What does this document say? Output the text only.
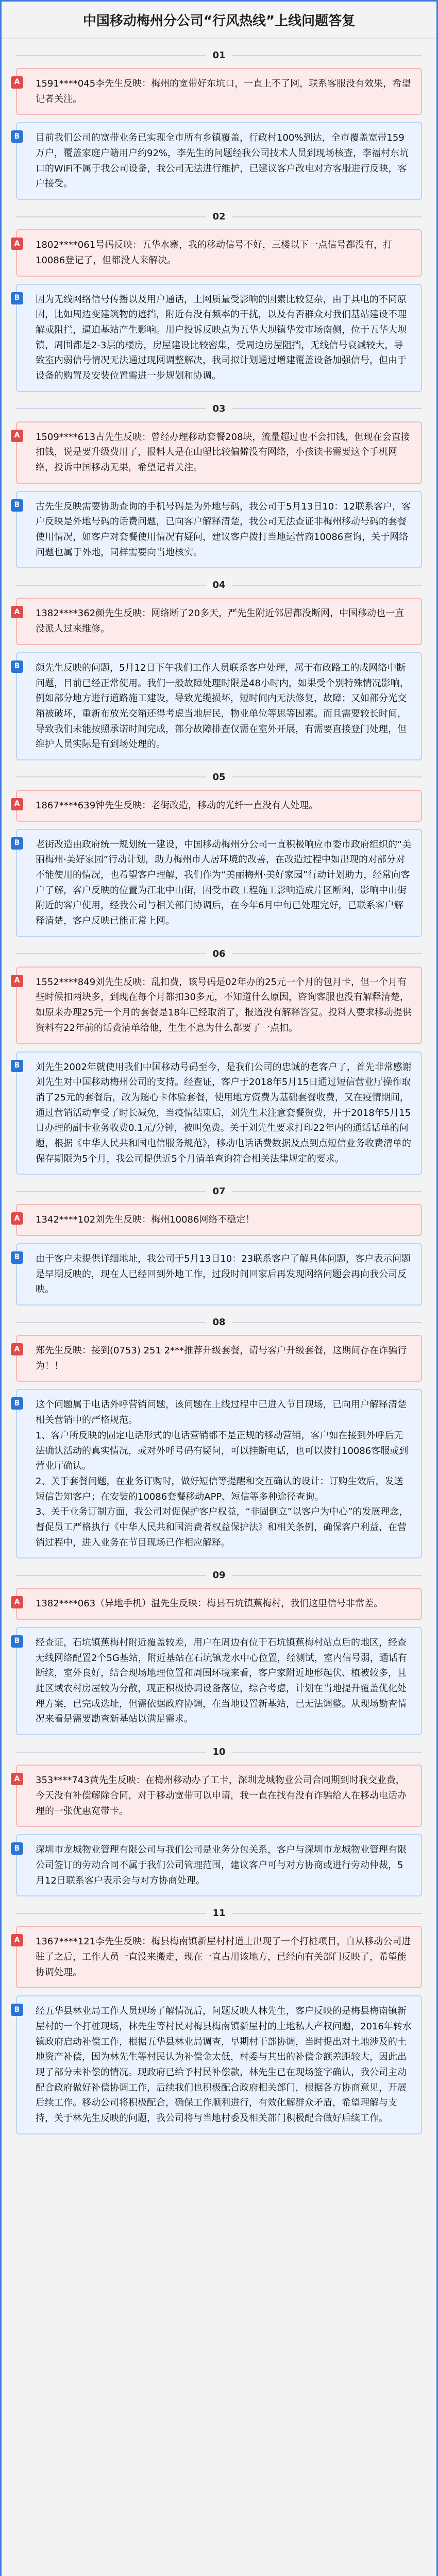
中国移动梅州分公司“行风热线”上线问题答复
01
A	1591****045李先生反映：梅州的宽带好东坑口，一直上不了网，联系客服没有效果，希望记者关注。
B	目前我们公司的宽带业务已实现全市所有乡镇覆盖，行政村100%到达，全市覆盖宽带159万户，覆盖家庭户籍用户约92%，李先生的问题经我公司技术人员到现场核查，李福村东坑口的WiFi不属于我公司设备，我公司无法进行维护，已建议客户改电对方客服进行反映，客户接受。
02
A	1802****061号码反映：五华水寨，我的移动信号不好，三楼以下一点信号都没有，打10086登记了，但都没人来解决。
B	因为无线网络信号传播以及用户通话，上网质量受影响的因素比较复杂，由于其电的不同原因，比如周边变建筑物的遮挡，附近有没有频率的干扰，以及有否群众对我们基站建设不理解或阻拦，逼迫基站产生影响。用户投诉反映点为五华大坝镇华发市场南侧，位于五华大坝镇，周围都是2-3层的楼房，房屋建设比较密集，受周边房屋阻挡，无线信号衰减较大，导致室内弱信号情况无法通过现网调整解决，我司拟计划通过增建覆盖设备加强信号，但由于设备的购置及安装位置需进一步规划和协调。
03
A	1509****613古先生反映：曾经办理移动套餐208块，流量超过也不会扣钱，但现在会直接扣钱，说是要升级费用了，报料人是在山塱比较偏僻没有网络，小孩读书需要这个手机网络，投诉中国移动无果，希望记者关注。
B	古先生反映需要协助查询的手机号码是为外地号码，我公司于5月13日10：12联系客户，客户反映是外地号码的话费问题，已向客户解释清楚，我公司无法查证非梅州移动号码的套餐使用情况，如客户对套餐使用情况有疑问，建议客户拨打当地运营商10086查询，关于网络问题也属于外地，同样需要向当地核实。
04
A	1382****362颜先生反映：网络断了20多天，严先生附近邻居都没断网，中国移动也一直没派人过来维修。
B	颜先生反映的问题，5月12日下午我们工作人员联系客户处理，属于布政路工的成网络中断问题，目前已经正常使用。我们一般故障处理时限是48小时内，如果受个别特殊情况影响，例如部分地方进行道路施工建设，导致光缆损坏，短时间内无法修复，故障；又如部分光交箱被破坏，重新布放光交箱还得考虑当地居民，物业单位等思等因素。而且需要较长时间，导致我们未能按照承诺时间完成，部分故障排查仅需在室外开展，有需要直接登门处理，但维护人员实际是有到场处理的。
05
A	1867****639钟先生反映：老街改造，移动的光纤一直没有人处理。
B	老街改造由政府统一规划统一建设，中国移动梅州分公司一直积极响应市委市政府组织的“美丽梅州·美好家园”行动计划，助力梅州市人居环境的改善，在改造过程中如出现的对部分对不能使用的情况，也希望客户理解，我们作为“美丽梅州·美好家园”行动计划助力，经常向客户了解，客户反映的位置为江北中山街，因受市政工程施工影响造成片区断网，影响中山街附近的客户使用，经我公司与相关部门协调后，在今年6月中旬已处理完好，已联系客户解释清楚，客户反映已能正常上网。
06
A	1552****849刘先生反映：乱扣费，该号码是02年办的25元一个月的包月卡，但一个月有些时候扣两块多，到现在每个月都扣30多元，不知道什么原因，咨询客服也没有解释清楚，如原来办理25元一个月的套餐是18年已经取消了，报道没有解释答复。投料人要求移动提供资料有22年前的话费清单给他，生生不息为什么都要了一点扣。
B	刘先生2002年就使用我们中国移动号码至今，是我们公司的忠诚的老客户了，首先非常感谢刘先生对中国移动梅州公司的支持。经查证，客户于2018年5月15日通过短信营业厅操作取消了25元的套餐后，改为随心卡体验套餐，使用地方资费为基础套餐收费，又在疫情期间，通过营销活动享受了时长减免，当疫情结束后，刘先生未注意套餐资费，并于2018年5月15日办理的副卡业务收费0.1元/分钟，被叫免费。关于刘先生要求打印22年内的通话话单的问题，根据《中华人民共和国电信服务规范》，移动电话话费数据及点到点短信业务收费清单的保存期限为5个月，我公司提供近5个月清单查询符合相关法律规定的要求。
07
A	1342****102刘先生反映：梅州10086网络不稳定！
B	由于客户未提供详细地址，我公司于5月13日10：23联系客户了解具体问题，客户表示问题是早期反映的，现在人已经回到外地工作，过段时间回家后再发现网络问题会再向我公司反映。
08
A	郑先生反映：接到(0753) 251 2***推荐升级套餐，请号客户升级套餐，这期间存在诈骗行为！！
B	这个问题属于电话外呼营销问题，该问题在上线过程中已进入节目现场，已向用户解释清楚相关营销中的严格规范。
1、客户所反映的固定电话形式的电话营销都不是正规的移动营销，客户如在接到外呼后无法确认活动的真实情况，或对外呼号码有疑问，可以挂断电话，也可以拨打10086客服或到营业厅确认。
2、关于套餐问题，在业务订购时，做好短信等提醒和交互确认的设计：订购生效后，发送短信告知客户；在安装的10086套餐移动APP、短信等多种途径查询。
3、关于业务订制方面，我公司对促保护客户权益，“非固倒立”以客户为中心”的发展理念，督促员工严格执行《中华人民共和国消费者权益保护法》和相关条例，确保客户利益，在营销过程中，进入业务在节目现场已作相应解释。
09
A	1382****063（异地手机）温先生反映：梅县石坑镇蕉梅村，我们这里信号非常差。
B	经查证，石坑镇蕉梅村附近覆盖较差，用户在周边有位于石坑镇蕉梅村站点后的地区，经查无线网络配置2个5G基站，附近基站在石坑镇龙水中心位置，经测试，室内信号弱，通话有断续，室外良好，结合现场地理位置和周围环境来看，客户家附近地形起伏、植被较多，且此区域农村房屋较为分散，现正积极协调设备落位，综合考虑，计划在当地提升覆盖优化处理方案，已完成选址，但需依据政府协调，在当地设置新基站，已无法调整。从现场勘查情况来看是需要勘查新基站以满足需求。
10
A	353****743黄先生反映：在梅州移动办了工卡，深圳龙城物业公司合同期到时我交业费，今天没有补偿解除合同，对于移动宽带可以申请，我一直在找有没有诈骗给人在移动电话办理的一张优惠宽带卡。
B	深圳市龙城物业管理有限公司与我们公司是业务分包关系，客户与深圳市龙城物业管理有限公司签订的劳动合同不属于我们公司管理范围，建议客户可与对方协商或进行劳动仲裁，5月12日联系客户表示会与对方协商处理。
11
A	1367****121李先生反映：梅县梅南镇新屋村村道上出现了一个打桩项目，自从移动公司进驻了之后，工作人员一直没来搬走，现在一直占用该地方，已经向有关部门反映了，希望能协调处理。
B	经五华县林业局工作人员现场了解情况后，问题反映人林先生，客户反映的是梅县梅南镇新屋村的一个打桩现场，林先生等村民对梅县梅南镇新屋村的土地私人产权问题，2016年转水镇政府启动补偿工作，根据五华县林业局调查，早期村干部协调，当时提出对土地涉及的土地资产补偿，因为林先生等村民认为补偿金太低，村委与其出的补偿金额差距较大，因此出现了部分未补偿的情况。现政府已给予村民补偿款，林先生已在现场签字确认，我公司主动配合政府做好补偿协调工作，后续我们也积极配合政府相关部门，根据各方协商意见，开展后续工作。移动公司将积极配合，确保工作顺利进行，有效化解群众矛盾，希望理解与支持，关于林先生反映的问题，我公司将与当地村委及相关部门积极配合做好后续工作。
